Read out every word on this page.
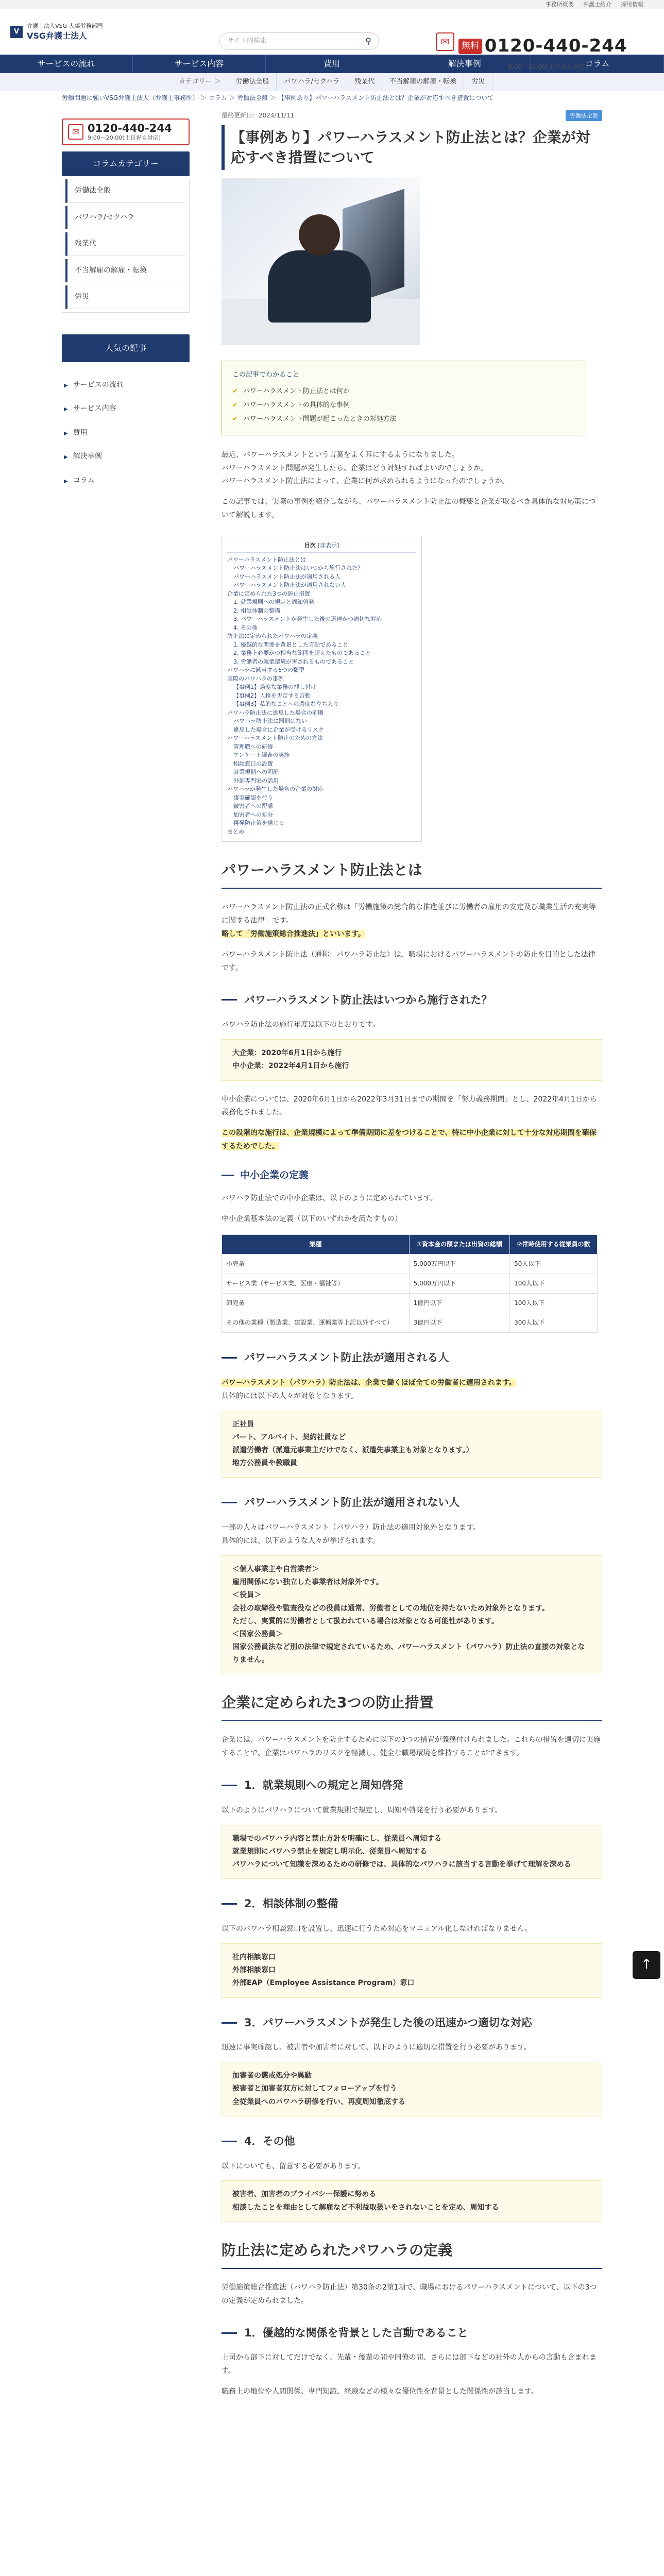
事務所概要 弁護士紹介 採用情報
V
弁護士法人VSG 人事労務部門
VSG弁護士法人
サイト内検索	⚲	✉	無料 0120-440-244
9:00～20:00(土日祝も対応)
サービスの流れ	サービス内容	費用	解決事例	コラム
カテゴリー ＞	労働法全般	パワハラ/セクハラ	残業代	不当解雇の解雇・転換	労災
労働問題に強いVSG弁護士法人（弁護士事務所） ＞ コラム ＞ 労働法全般 ＞ 【事例あり】パワーハラスメント防止法とは？企業が対応すべき措置について
✉ 0120-440-244
9:00～20:00(土日祝も対応)
コラムカテゴリー
労働法全般
パワハラ/セクハラ
残業代
不当解雇の解雇・転換
労災
人気の記事
▶ サービスの流れ
▶ サービス内容
▶ 費用
▶ 解決事例
▶ コラム
最終更新日：2024/11/11	労働法全般
【事例あり】パワーハラスメント防止法とは？企業が対応すべき措置について
この記事でわかること
✔ パワーハラスメント防止法とは何か
✔ パワーハラスメントの具体的な事例
✔ パワーハラスメント問題が起こったときの対処方法

最近、パワーハラスメントという言葉をよく耳にするようになりました。
パワーハラスメント問題が発生したら、企業はどう対処すればよいのでしょうか。
パワーハラスメント防止法によって、企業に何が求められるようになったのでしょうか。

この記事では、実際の事例を紹介しながら、パワーハラスメント防止法の概要と企業が取るべき具体的な対応策について解説します。

目次 [非表示]
パワーハラスメント防止法とは
パワーハラスメント防止法はいつから施行された？
パワーハラスメント防止法が適用される人
パワーハラスメント防止法が適用されない人
企業に定められた3つの防止措置
1. 就業規則への規定と周知啓発
2. 相談体制の整備
3. パワーハラスメントが発生した後の迅速かつ適切な対応
4. その他
防止法に定められたパワハラの定義
1. 優越的な関係を背景とした言動であること
2. 業務上必要かつ相当な範囲を超えたものであること
3. 労働者の就業環境が害されるものであること
パワハラに該当する6つの類型
実際のパワハラの事例
【事例1】過度な業務の押し付け
【事例2】人格を否定する言動
【事例3】私的なことへの過度な立ち入り
パワハラ防止法に違反した場合の罰則
パワハラ防止法に罰則はない
違反した場合に企業が受けるリスク
パワーハラスメント防止のための方法
管理職への研修
アンケート調査の実施
相談窓口の設置
就業規則への明記
外部専門家の活用
パワハラが発生した場合の企業の対応
事実確認を行う
被害者への配慮
加害者への処分
再発防止策を講じる
まとめ
パワーハラスメント防止法とは

パワーハラスメント防止法の正式名称は「労働施策の総合的な推進並びに労働者の雇用の安定及び職業生活の充実等に関する法律」です。
略して「労働施策総合推進法」といいます。

パワーハラスメント防止法（通称：パワハラ防止法）は、職場におけるパワーハラスメントの防止を目的とした法律です。

パワーハラスメント防止法はいつから施行された？

パワハラ防止法の施行年度は以下のとおりです。

大企業：2020年6月1日から施行
中小企業：2022年4月1日から施行

中小企業については、2020年6月1日から2022年3月31日までの期間を「努力義務期間」とし、2022年4月1日から義務化されました。

この段階的な施行は、企業規模によって準備期間に差をつけることで、特に中小企業に対して十分な対応期間を確保するためでした。

中小企業の定義

パワハラ防止法での中小企業は、以下のように定められています。

中小企業基本法の定義（以下のいずれかを満たすもの）

業種	①資本金の額または出資の総額	②常時使用する従業員の数
小売業	5,000万円以下	50人以下
サービス業（サービス業、医療・福祉等）	5,000万円以下	100人以下
卸売業	1億円以下	100人以下
その他の業種（製造業、建設業、運輸業等上記以外すべて）	3億円以下	300人以下
パワーハラスメント防止法が適用される人

パワーハラスメント（パワハラ）防止法は、企業で働くほぼ全ての労働者に適用されます。
具体的には以下の人々が対象となります。

正社員
パート、アルバイト、契約社員など
派遣労働者（派遣元事業主だけでなく、派遣先事業主も対象となります。）
地方公務員や教職員
パワーハラスメント防止法が適用されない人

一部の人々はパワーハラスメント（パワハラ）防止法の適用対象外となります。
具体的には、以下のような人々が挙げられます。

＜個人事業主や自営業者＞
雇用関係にない独立した事業者は対象外です。
＜役員＞
会社の取締役や監査役などの役員は通常、労働者としての地位を持たないため対象外となります。
ただし、実質的に労働者として扱われている場合は対象となる可能性があります。
＜国家公務員＞
国家公務員法など別の法律で規定されているため、パワーハラスメント（パワハラ）防止法の直接の対象となりません。
企業に定められた3つの防止措置

企業には、パワーハラスメントを防止するために以下の3つの措置が義務付けられました。これらの措置を適切に実施することで、企業はパワハラのリスクを軽減し、健全な職場環境を維持することができます。

1．就業規則への規定と周知啓発

以下のようにパワハラについて就業規則で規定し、周知や啓発を行う必要があります。

職場でのパワハラ内容と禁止方針を明確にし、従業員へ周知する
就業規則にパワハラ禁止を規定し明示化、従業員へ周知する
パワハラについて知識を深めるための研修では、具体的なパワハラに該当する言動を挙げて理解を深める
2．相談体制の整備

以下のパワハラ相談窓口を設置し、迅速に行うため対応をマニュアル化しなければなりません。

社内相談窓口
外部相談窓口
外部EAP（Employee Assistance Program）窓口
3．パワーハラスメントが発生した後の迅速かつ適切な対応

迅速に事実確認し、被害者や加害者に対して、以下のように適切な措置を行う必要があります。

加害者の懲戒処分や異動
被害者と加害者双方に対してフォローアップを行う
全従業員へのパワハラ研修を行い、再度周知徹底する
4．その他

以下についても、留意する必要があります。

被害者、加害者のプライバシー保護に努める
相談したことを理由として解雇など不利益取扱いをされないことを定め、周知する
防止法に定められたパワハラの定義

労働施策総合推進法（パワハラ防止法）第30条の2第1項で、職場におけるパワーハラスメントについて、以下の3つの定義が定められました。

1．優越的な関係を背景とした言動であること

上司から部下に対してだけでなく、先輩・後輩の間や同僚の間、さらには部下などの社外の人からの言動も含まれます。

職務上の地位や人間関係、専門知識、経験などの様々な優位性を背景とした関係性が該当します。

↑
